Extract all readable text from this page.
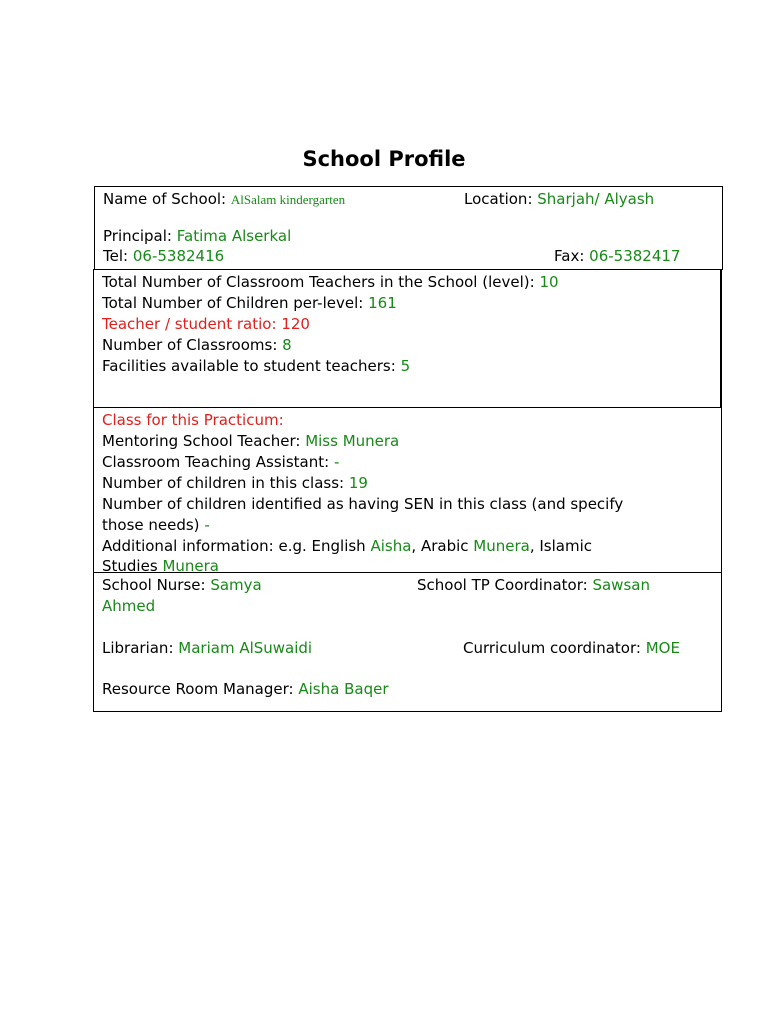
School Profile
Name of School: AlSalam kindergarten	Location: Sharjah/ Alyash
Principal: Fatima Alserkal
Tel: 06-5382416	Fax: 06-5382417
Total Number of Classroom Teachers in the School (level): 10
Total Number of Children per-level: 161
Teacher / student ratio: 120
Number of Classrooms: 8
Facilities available to student teachers: 5
Class for this Practicum:
Mentoring School Teacher: Miss Munera
Classroom Teaching Assistant: -
Number of children in this class: 19
Number of children identified as having SEN in this class (and specify
those needs) -
Additional information: e.g. English Aisha, Arabic Munera, Islamic
Studies Munera
School Nurse: Samya	School TP Coordinator: Sawsan
Ahmed
Librarian: Mariam AlSuwaidi	Curriculum coordinator: MOE
Resource Room Manager: Aisha Baqer
